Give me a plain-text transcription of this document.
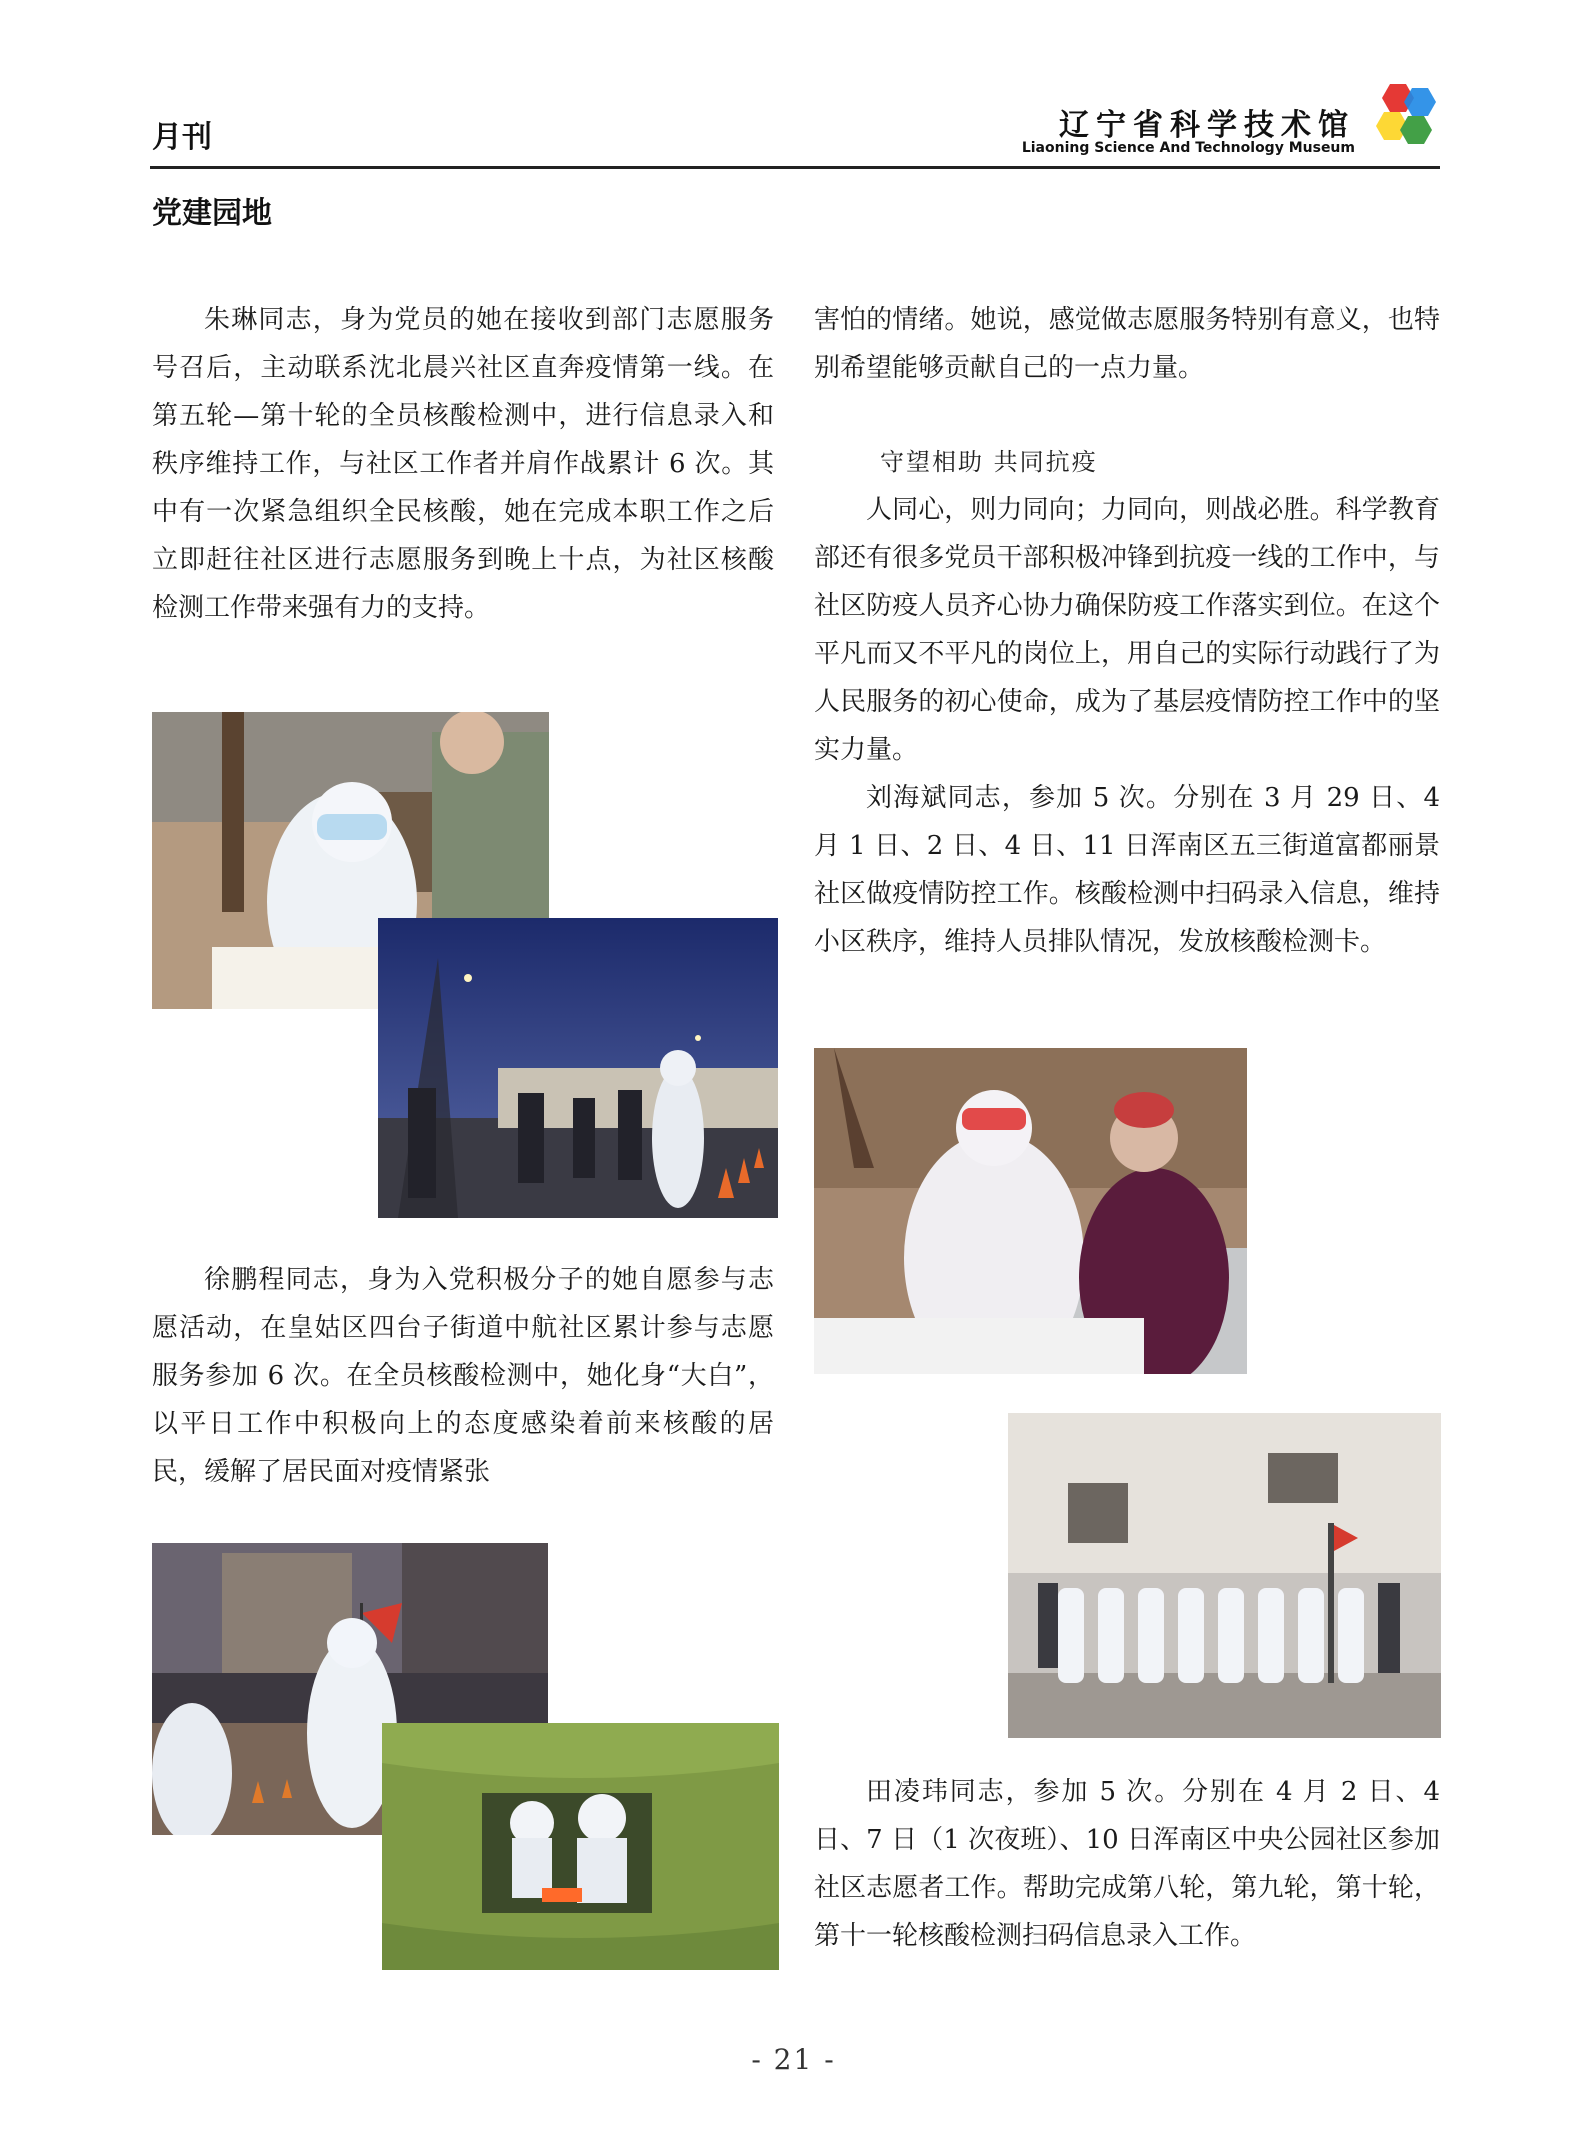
月刊	辽宁省科学技术馆
Liaoning Science And Technology Museum
党建园地

朱琳同志，身为党员的她在接收到部门志愿服务号召后，主动联系沈北晨兴社区直奔疫情第一线。在第五轮—第十轮的全员核酸检测中，进行信息录入和秩序维持工作，与社区工作者并肩作战累计 6 次。其中有一次紧急组织全民核酸，她在完成本职工作之后立即赶往社区进行志愿服务到晚上十点，为社区核酸检测工作带来强有力的支持。

徐鹏程同志，身为入党积极分子的她自愿参与志愿活动，在皇姑区四台子街道中航社区累计参与志愿服务参加 6 次。在全员核酸检测中，她化身“大白”，以平日工作中积极向上的态度感染着前来核酸的居民，缓解了居民面对疫情紧张

害怕的情绪。她说，感觉做志愿服务特别有意义，也特别希望能够贡献自己的一点力量。

守望相助 共同抗疫

人同心，则力同向；力同向，则战必胜。科学教育部还有很多党员干部积极冲锋到抗疫一线的工作中，与社区防疫人员齐心协力确保防疫工作落实到位。在这个平凡而又不平凡的岗位上，用自己的实际行动践行了为人民服务的初心使命，成为了基层疫情防控工作中的坚实力量。

刘海斌同志，参加 5 次。分别在 3 月 29 日、4 月 1 日、2 日、4 日、11 日浑南区五三街道富都丽景社区做疫情防控工作。核酸检测中扫码录入信息，维持小区秩序，维持人员排队情况，发放核酸检测卡。

田凌玮同志，参加 5 次。分别在 4 月 2 日、4 日、7 日（1 次夜班）、10 日浑南区中央公园社区参加社区志愿者工作。帮助完成第八轮，第九轮，第十轮，第十一轮核酸检测扫码信息录入工作。

- 21 -
